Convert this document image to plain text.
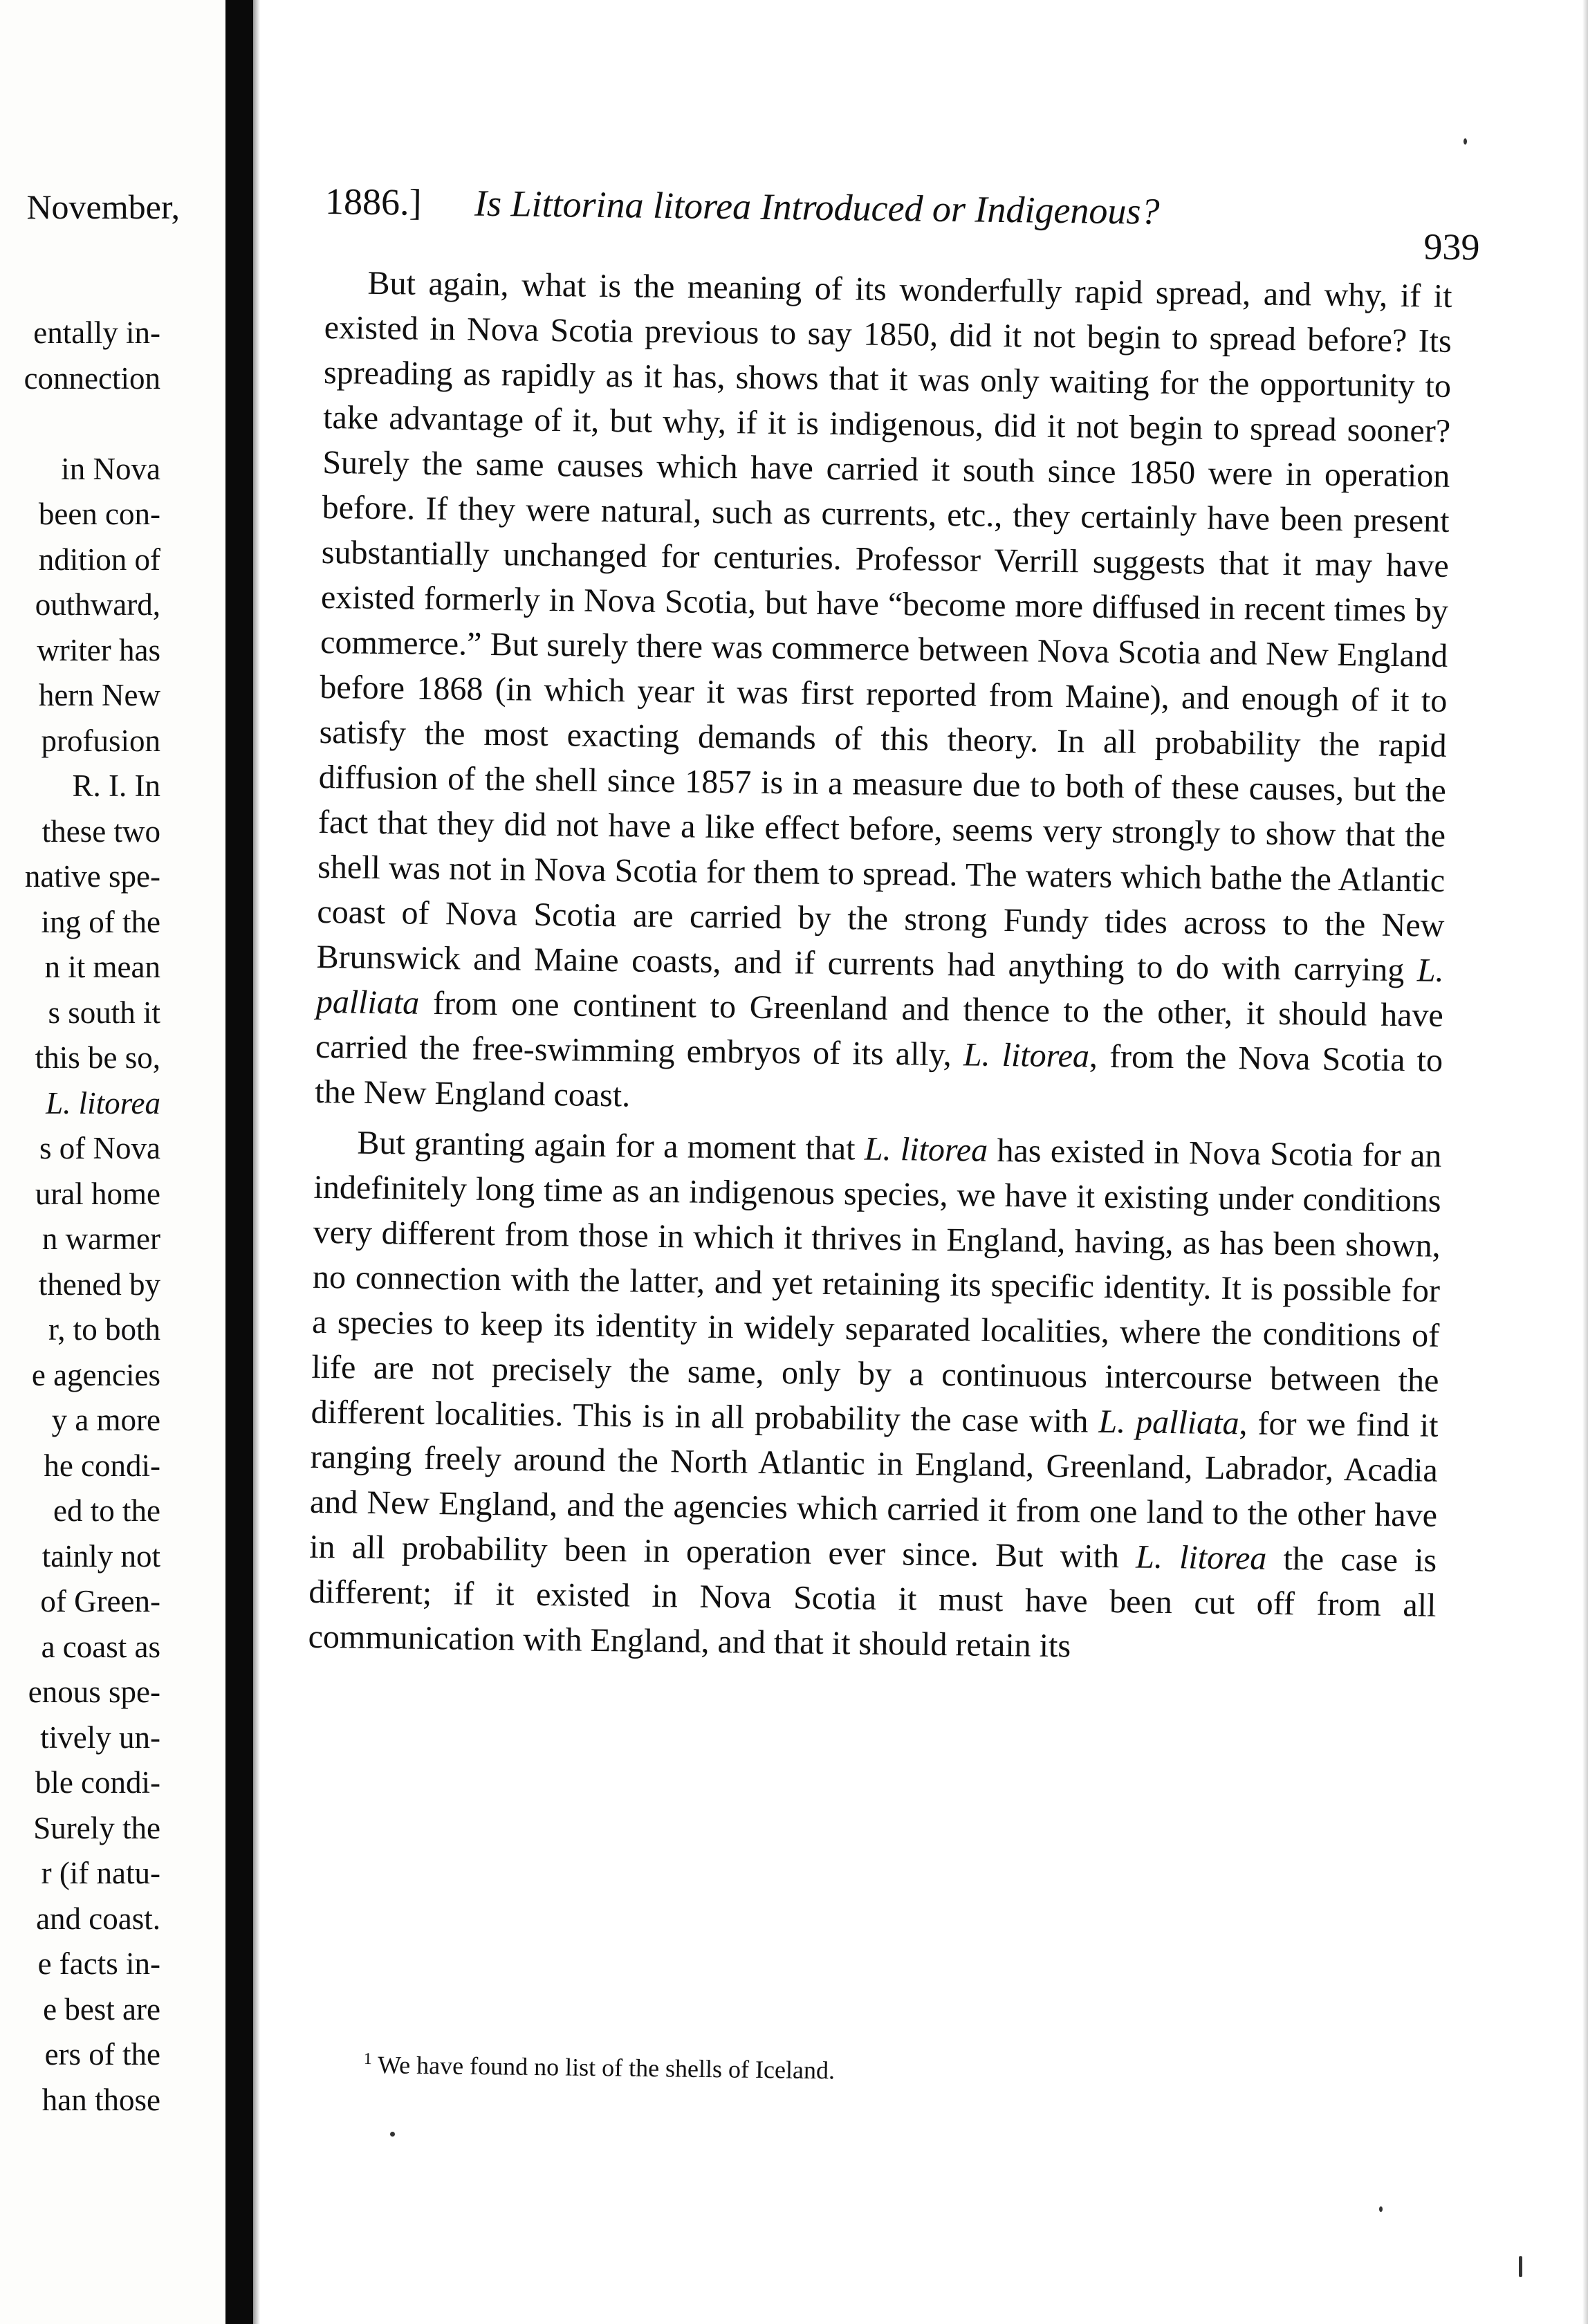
November,
entally in-
connection
in Nova
been con-
ndition of
outhward,
writer has
hern New
profusion
R. I. In
these two
native spe-
ing of the
n it mean
s south it
this be so,
L. litorea
s of Nova
ural home
n warmer
thened by
r, to both
e agencies
y a more
he condi-
ed to the
tainly not
of Green-
a coast as
enous spe-
tively un-
ble condi-
Surely the
r (if natu-
and coast.
e facts in-
e best are
ers of the
han those
1886.] Is Littorina litorea Introduced or Indigenous?
939

But again, what is the meaning of its wonderfully rapid spread, and why, if it existed in Nova Scotia previous to say 1850, did it not begin to spread before? Its spreading as rapidly as it has, shows that it was only waiting for the opportunity to take advantage of it, but why, if it is indigenous, did it not begin to spread sooner? Surely the same causes which have carried it south since 1850 were in operation before. If they were natural, such as currents, etc., they certainly have been present substantially unchanged for centuries. Professor Verrill suggests that it may have existed formerly in Nova Scotia, but have “become more diffused in recent times by commerce.” But surely there was commerce between Nova Scotia and New England before 1868 (in which year it was first reported from Maine), and enough of it to satisfy the most exacting demands of this theory. In all probability the rapid diffusion of the shell since 1857 is in a measure due to both of these causes, but the fact that they did not have a like effect before, seems very strongly to show that the shell was not in Nova Scotia for them to spread. The waters which bathe the Atlantic coast of Nova Scotia are carried by the strong Fundy tides across to the New Brunswick and Maine coasts, and if currents had anything to do with carrying L. palliata from one continent to Greenland and thence to the other, it should have carried the free-swimming embryos of its ally, L. litorea, from the Nova Scotia to the New England coast.

But granting again for a moment that L. litorea has existed in Nova Scotia for an indefinitely long time as an indigenous species, we have it existing under conditions very different from those in which it thrives in England, having, as has been shown, no connection with the latter, and yet retaining its specific identity. It is possible for a species to keep its identity in widely separated localities, where the conditions of life are not precisely the same, only by a continuous intercourse between the different localities. This is in all probability the case with L. palliata, for we find it ranging freely around the North Atlantic in England, Greenland, Labrador, Acadia and New England, and the agencies which carried it from one land to the other have in all probability been in operation ever since. But with L. litorea the case is different; if it existed in Nova Scotia it must have been cut off from all communication with England, and that it should retain its

$^1$ We have found no list of the shells of Iceland.
